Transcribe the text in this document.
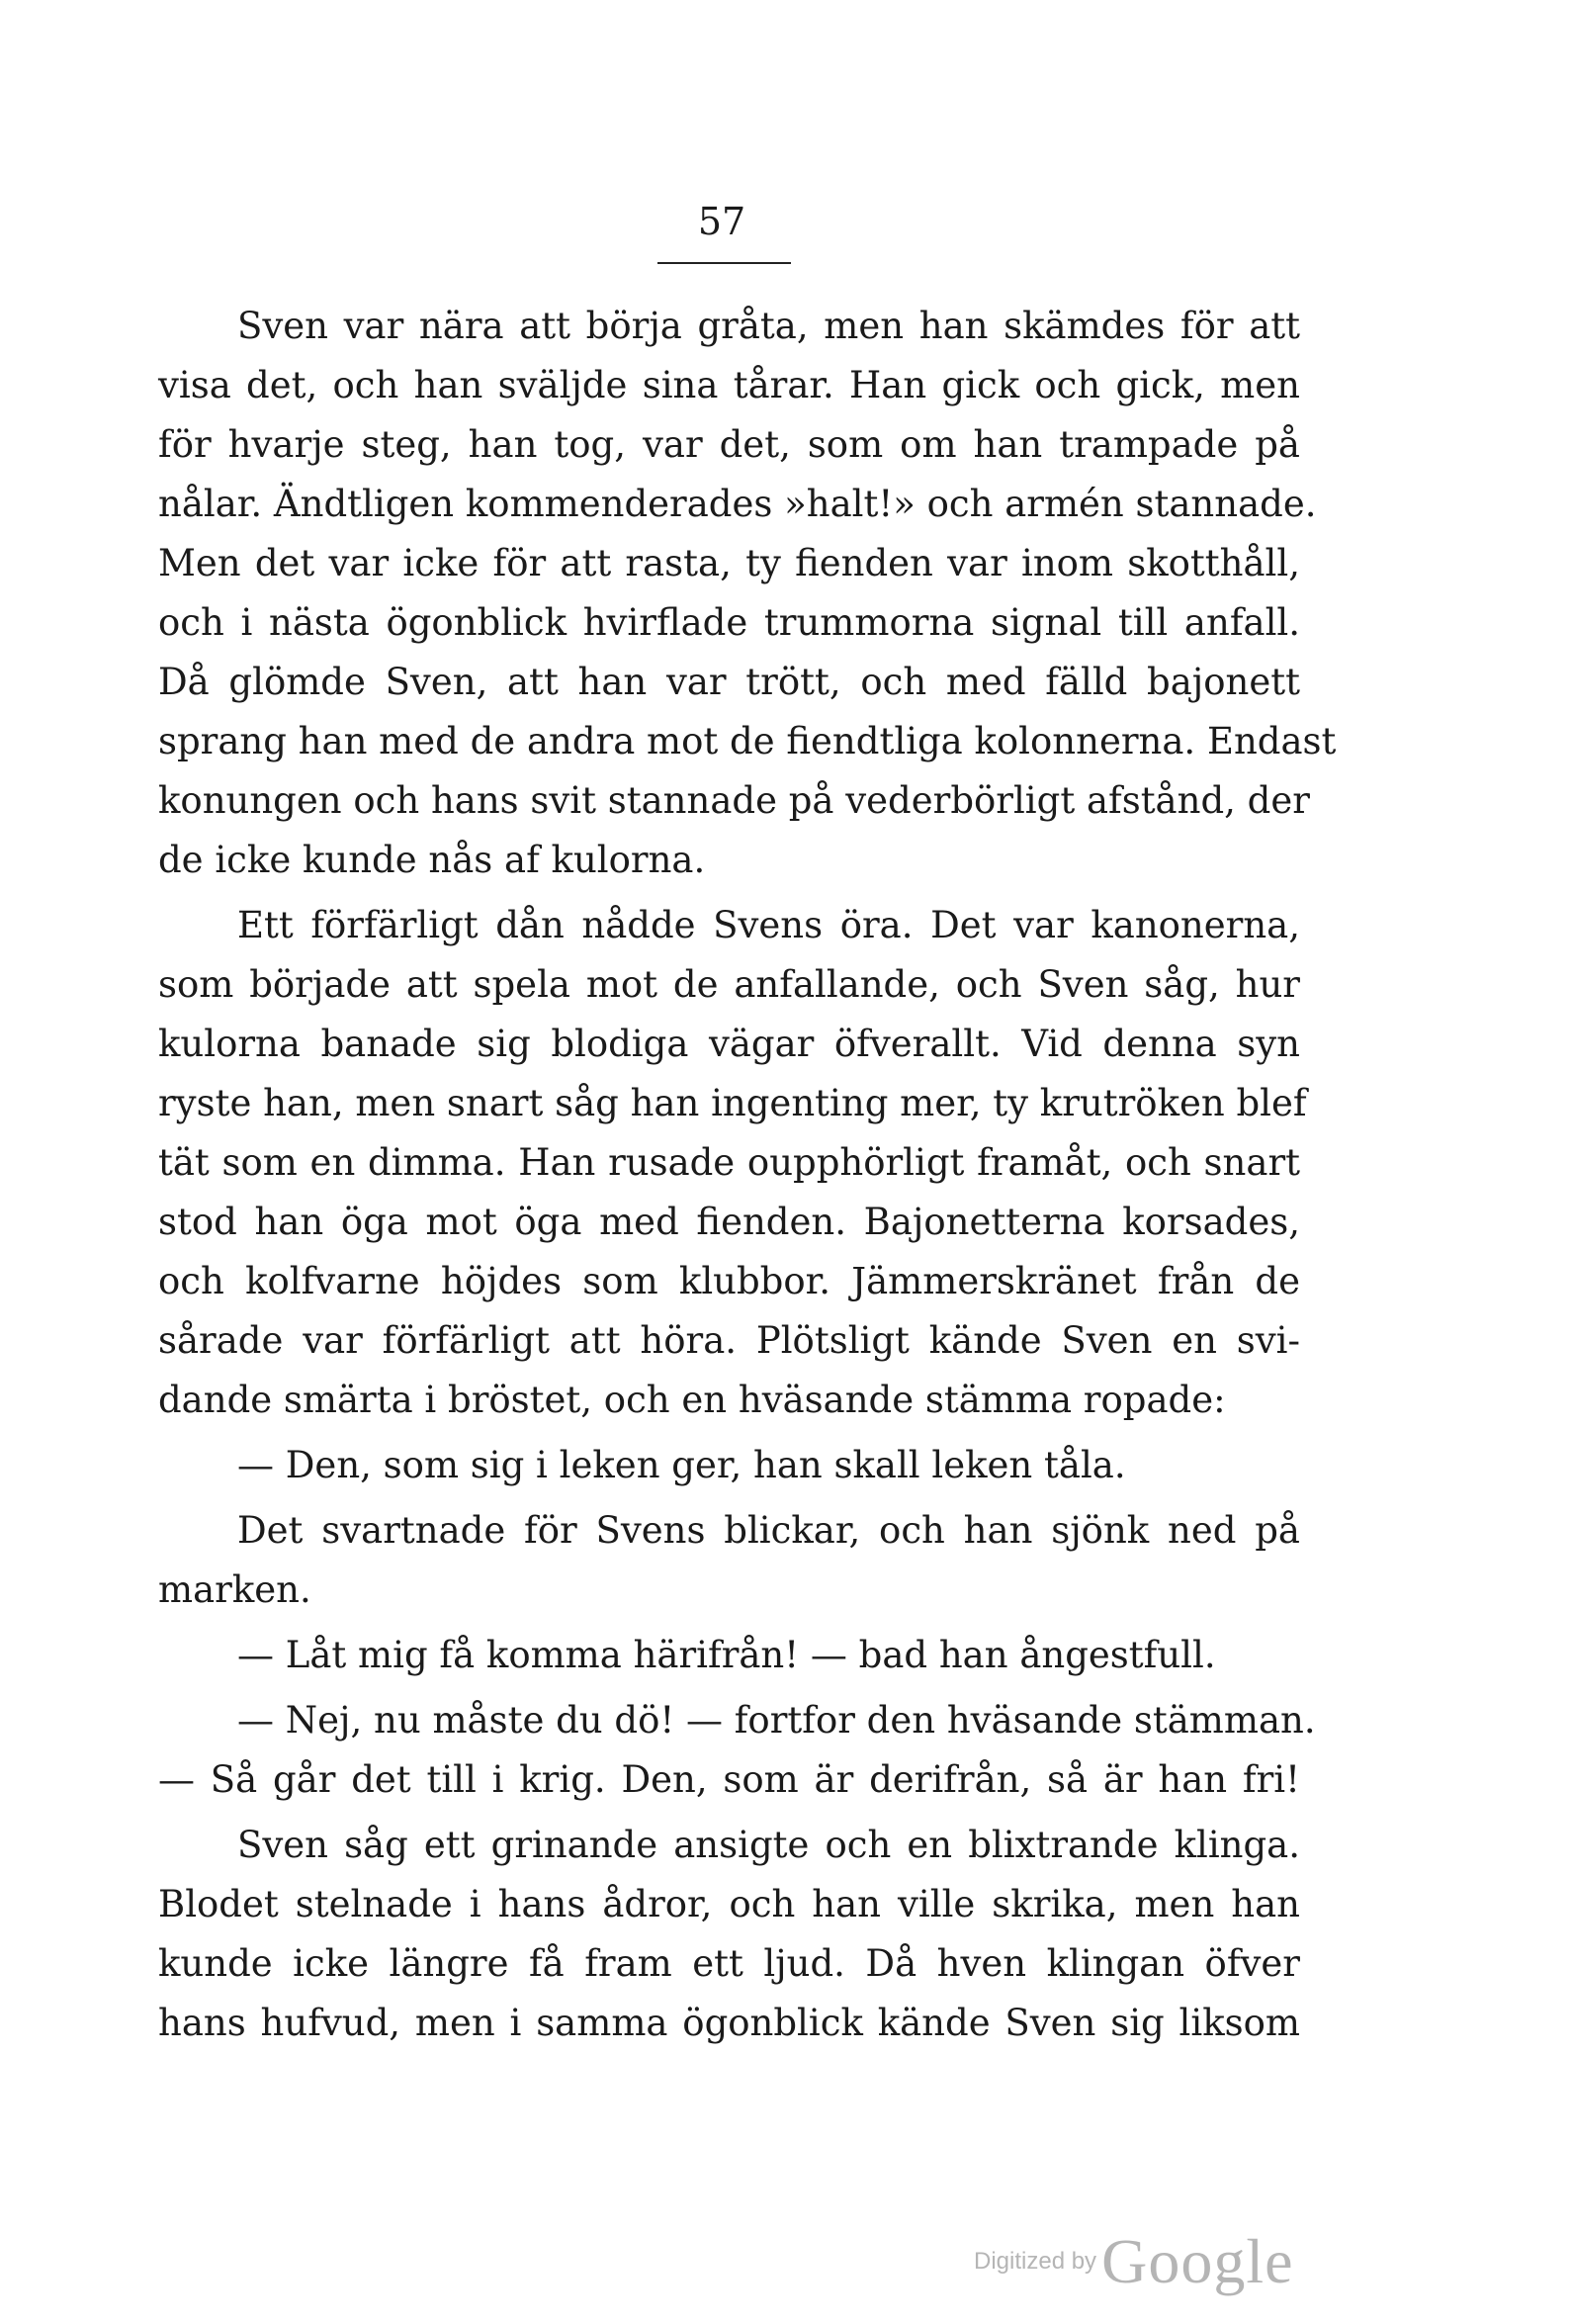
57
Sven var nära att börja gråta, men han skämdes för att
visa det, och han sväljde sina tårar. Han gick och gick, men
för hvarje steg, han tog, var det, som om han trampade på
nålar. Ändtligen kommenderades »halt!» och armén stannade.
Men det var icke för att rasta, ty fienden var inom skotthåll,
och i nästa ögonblick hvirflade trummorna signal till anfall.
Då glömde Sven, att han var trött, och med fälld bajonett
sprang han med de andra mot de fiendtliga kolonnerna. Endast
konungen och hans svit stannade på vederbörligt afstånd, der
de icke kunde nås af kulorna.
Ett förfärligt dån nådde Svens öra. Det var kanonerna,
som började att spela mot de anfallande, och Sven såg, hur
kulorna banade sig blodiga vägar öfverallt. Vid denna syn
ryste han, men snart såg han ingenting mer, ty krutröken blef
tät som en dimma. Han rusade oupphörligt framåt, och snart
stod han öga mot öga med fienden. Bajonetterna korsades,
och kolfvarne höjdes som klubbor. Jämmerskränet från de
sårade var förfärligt att höra. Plötsligt kände Sven en svi-
dande smärta i bröstet, och en hväsande stämma ropade:
— Den, som sig i leken ger, han skall leken tåla.
Det svartnade för Svens blickar, och han sjönk ned på
marken.
— Låt mig få komma härifrån! — bad han ångestfull.
— Nej, nu måste du dö! — fortfor den hväsande stämman.
— Så går det till i krig. Den, som är derifrån, så är han fri!
Sven såg ett grinande ansigte och en blixtrande klinga.
Blodet stelnade i hans ådror, och han ville skrika, men han
kunde icke längre få fram ett ljud. Då hven klingan öfver
hans hufvud, men i samma ögonblick kände Sven sig liksom
Digitized by Google
